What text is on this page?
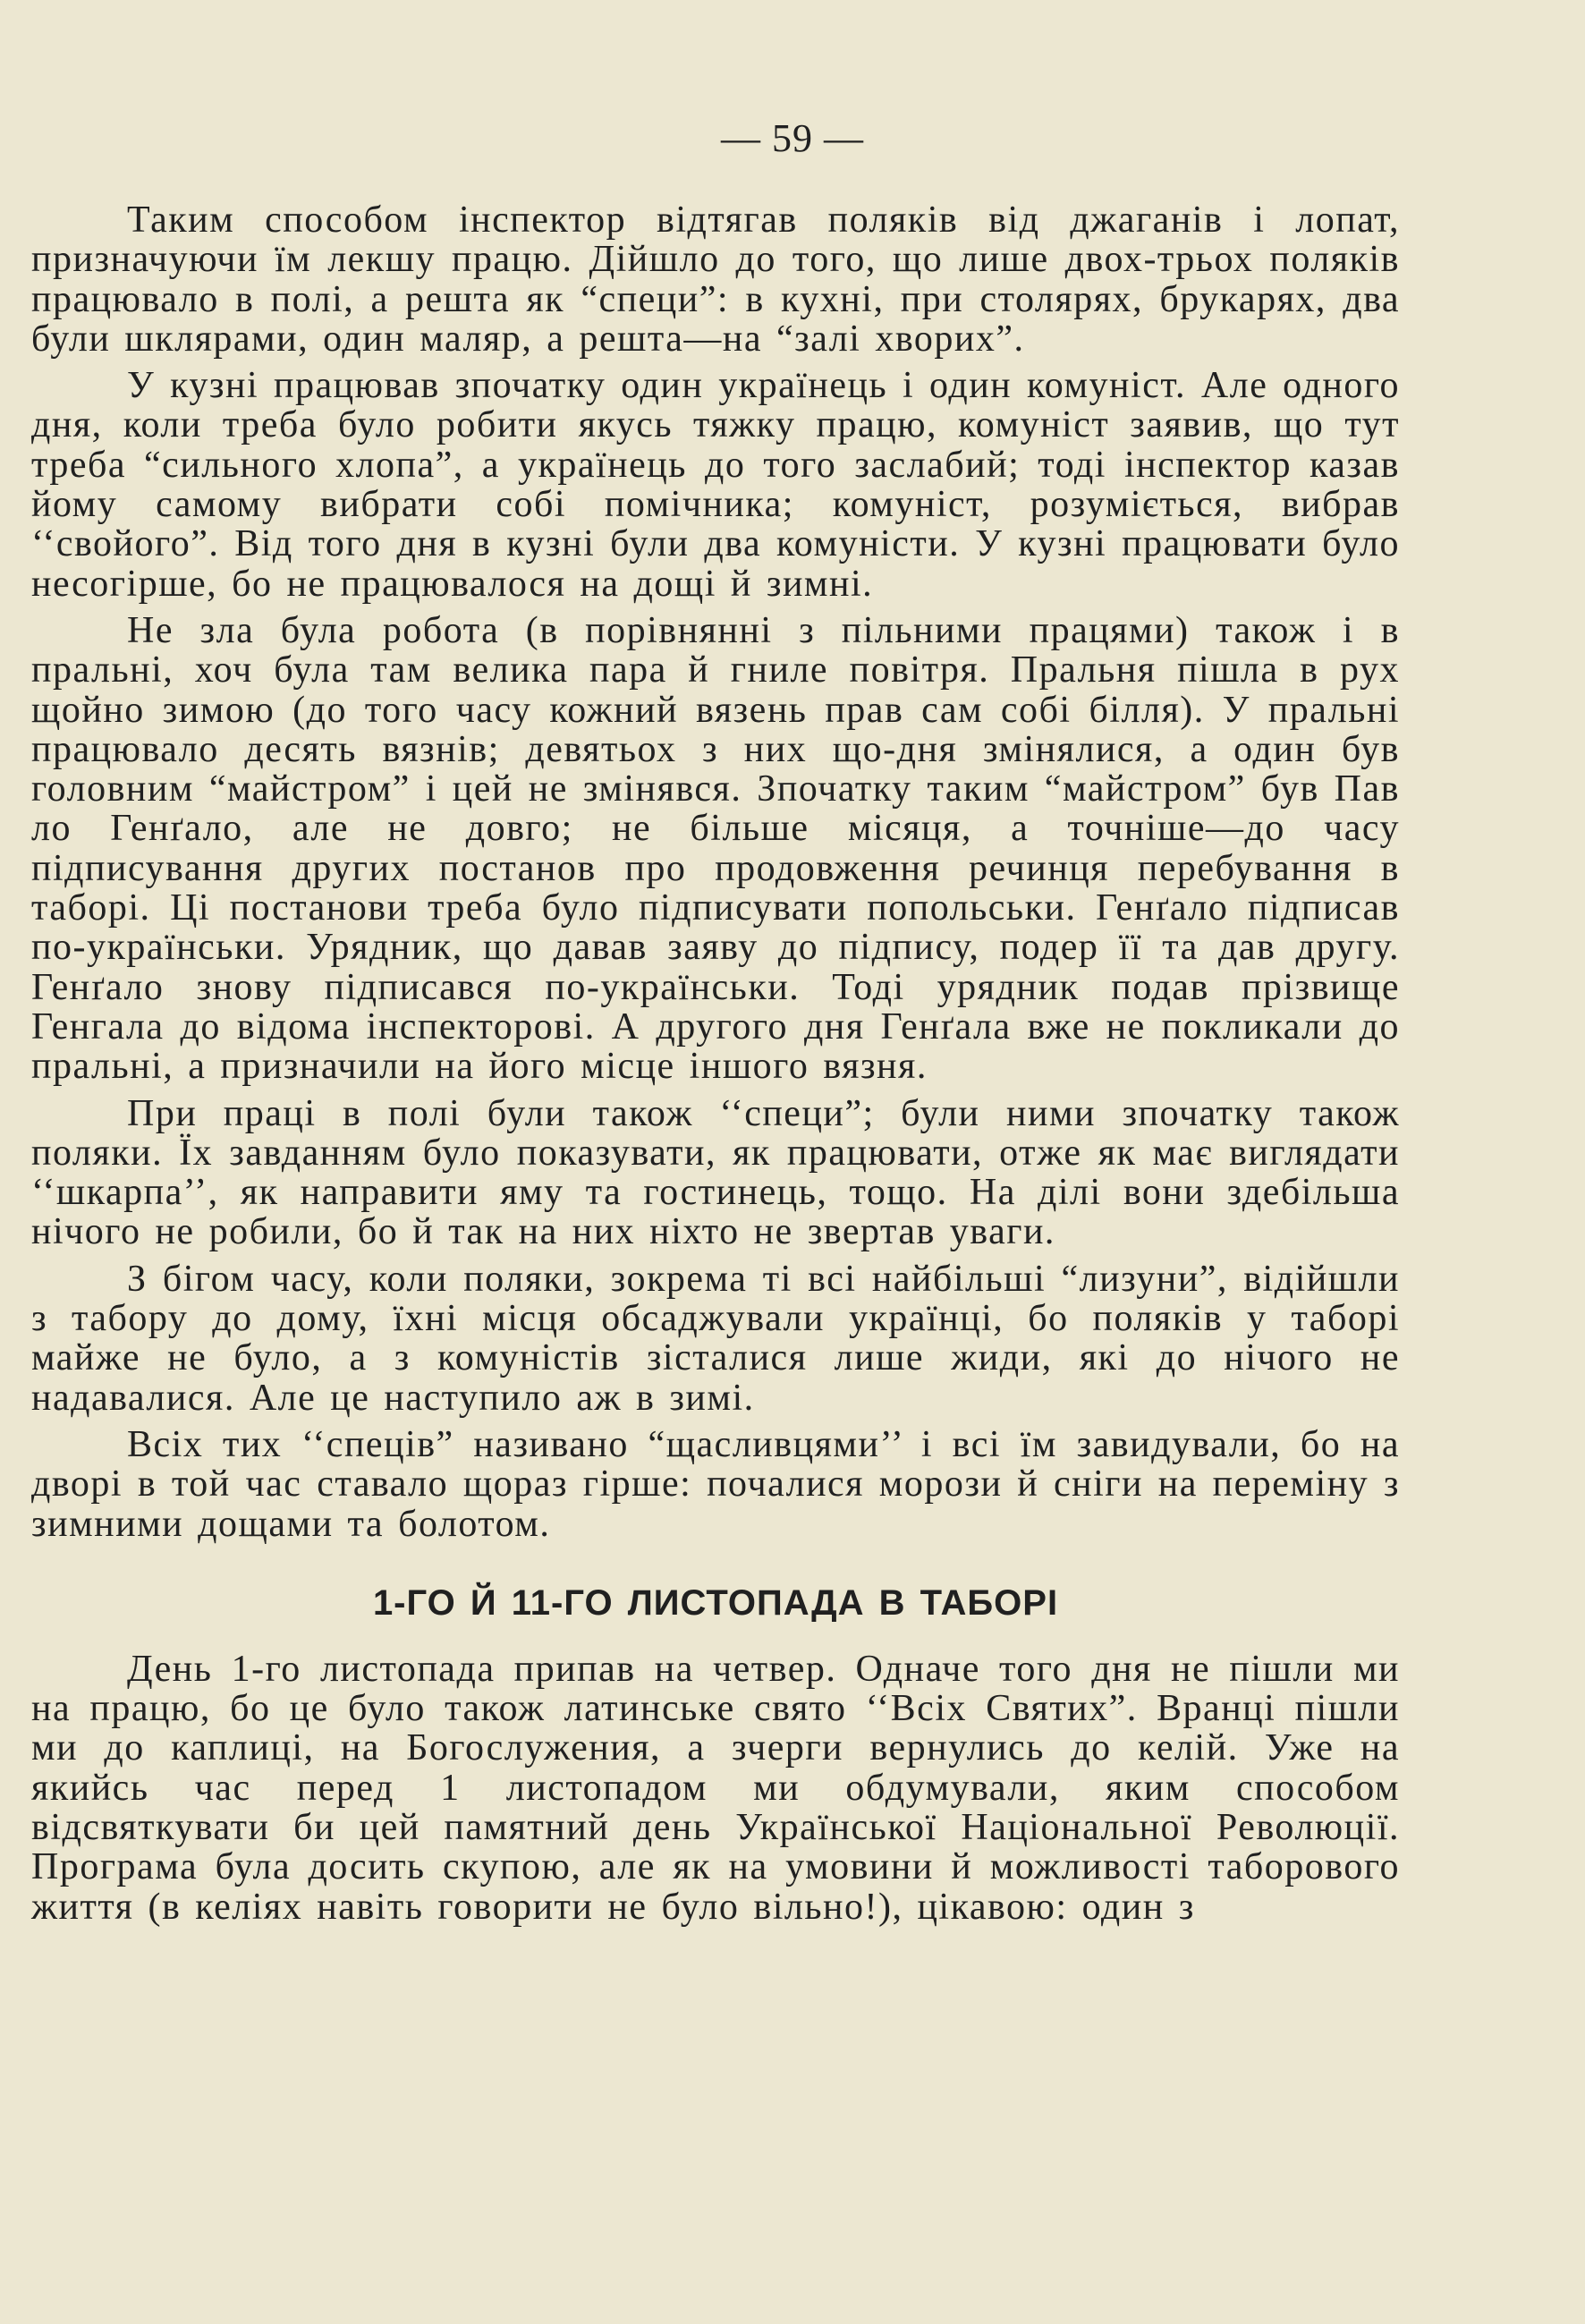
— 59 —

Таким способом інспектор відтягав поляків від джаганів і лопат, призначуючи їм лекшу працю. Дійшло до того, що лише двох-трьох поляків працювало в полі, а решта як “специ”: в кухні, при столярях, брукарях, два були шклярами, один маляр, а решта—на “залі хворих”.

У кузні працював зпочатку один українець і один комуніст. Але одного дня, коли треба було робити якусь тяжку працю, комуніст заявив, що тут треба “сильного хлопа”, а українець до того заслабий; тоді інспектор казав йому самому вибрати собі помічника; комуніст, розуміється, вибрав ‘‘свойого”. Від того дня в кузні були два комуністи. У кузні працювати було несогірше, бо не працювалося на дощі й зимні.

Не зла була робота (в порівнянні з пільними працями) також і в пральні, хоч була там велика пара й гниле повітря. Пральня пішла в рух щойно зимою (до того часу кожний вязень прав сам собі білля). У пральні працювало десять вязнів; девятьох з них що-дня змінялися, а один був головним “майстром” і цей не змінявся. Зпочатку таким “майстром” був Пав ло Генґало, але не довго; не більше місяця, а точніше—до часу підписування других постанов про продовження речинця перебування в таборі. Ці постанови треба було підписувати попольськи. Генґало підписав по-українськи. Урядник, що давав заяву до підпису, подер її та дав другу. Генґало знову підписався по-українськи. Тоді урядник подав прізвище Генгала до відома інспекторові. А другого дня Генґала вже не покликали до пральні, а призначили на його місце іншого вязня.

При праці в полі були також ‘‘специ”; були ними зпочатку також поляки. Їх завданням було показувати, як працювати, отже як має виглядати ‘‘шкарпа’’, як направити яму та гостинець, тощо. На ділі вони здебільша нічого не робили, бо й так на них ніхто не звертав уваги.

З бігом часу, коли поляки, зокрема ті всі найбільші “лизуни”, відійшли з табору до дому, їхні місця обсаджували українці, бо поляків у таборі майже не було, а з комуністів зісталися лише жиди, які до нічого не надавалися. Але це наступило аж в зимі.

Всіх тих ‘‘спеців” називано “щасливцями’’ і всі їм завидували, бо на дворі в той час ставало щораз гірше: почалися морози й сніги на переміну з зимними дощами та болотом.

1-ГО Й 11-ГО ЛИСТОПАДА В ТАБОРІ

День 1-го листопада припав на четвер. Одначе того дня не пішли ми на працю, бо це було також латинське свято ‘‘Всіх Святих”. Вранці пішли ми до каплиці, на Богослужения, а зчерги вернулись до келій. Уже на якийсь час перед 1 листопадом ми обдумували, яким способом відсвяткувати би цей памятний день Української Національної Революції. Програма була досить скупою, але як на умовини й можливості таборового життя (в келіях навіть говорити не було вільно!), цікавою: один з
